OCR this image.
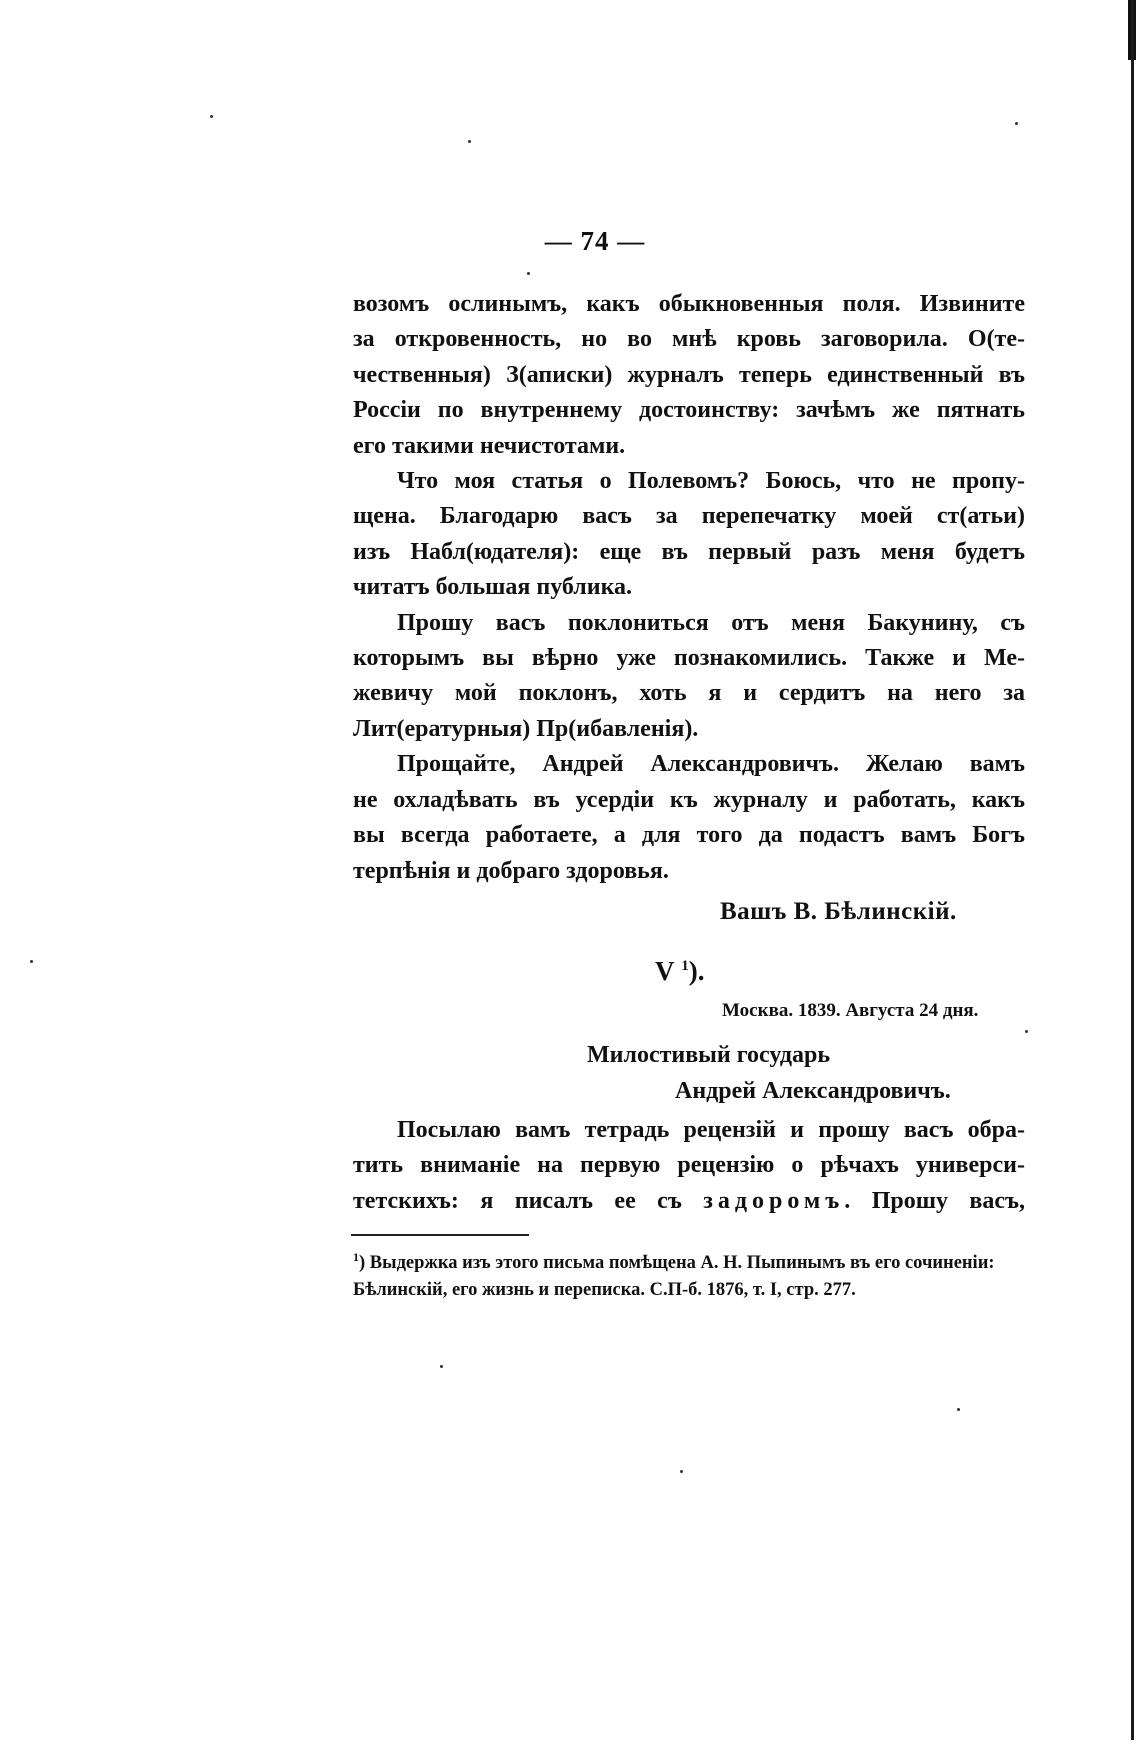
— 74 —
возомъ ослинымъ, какъ обыкновенныя поля. Извините
за откровенность, но во мнѣ кровь заговорила. О(те-
чественныя) З(аписки) журналъ теперь единственный въ
Россіи по внутреннему достоинству: зачѣмъ же пятнать
его такими нечистотами.
Что моя статья о Полевомъ? Боюсь, что не пропу-
щена. Благодарю васъ за перепечатку моей ст(атьи)
изъ Набл(юдателя): еще въ первый разъ меня будетъ
читатъ большая публика.
Прошу васъ поклониться отъ меня Бакунину, съ
которымъ вы вѣрно уже познакомились. Также и Ме-
жевичу мой поклонъ, хоть я и сердитъ на него за
Лит(ературныя) Пр(ибавленія).
Прощайте, Андрей Александровичъ. Желаю вамъ
не охладѣвать въ усердіи къ журналу и работать, какъ
вы всегда работаете, а для того да подастъ вамъ Богъ
терпѣнія и добраго здоровья.
Вашъ В. Бѣлинскій.
V $^1$).
Москва. 1839. Августа 24 дня.
Милостивый государь
Андрей Александровичъ.
Посылаю вамъ тетрадь рецензій и прошу васъ обра-
тить вниманіе на первую рецензію о рѣчахъ универси-
тетскихъ: я писалъ ее съ задоромъ. Прошу васъ,
$^1$) Выдержка изъ этого письма помѣщена А. Н. Пыпинымъ въ его сочиненіи: Бѣлинскій, его жизнь и переписка. С.П-б. 1876, т. I, стр. 277.
